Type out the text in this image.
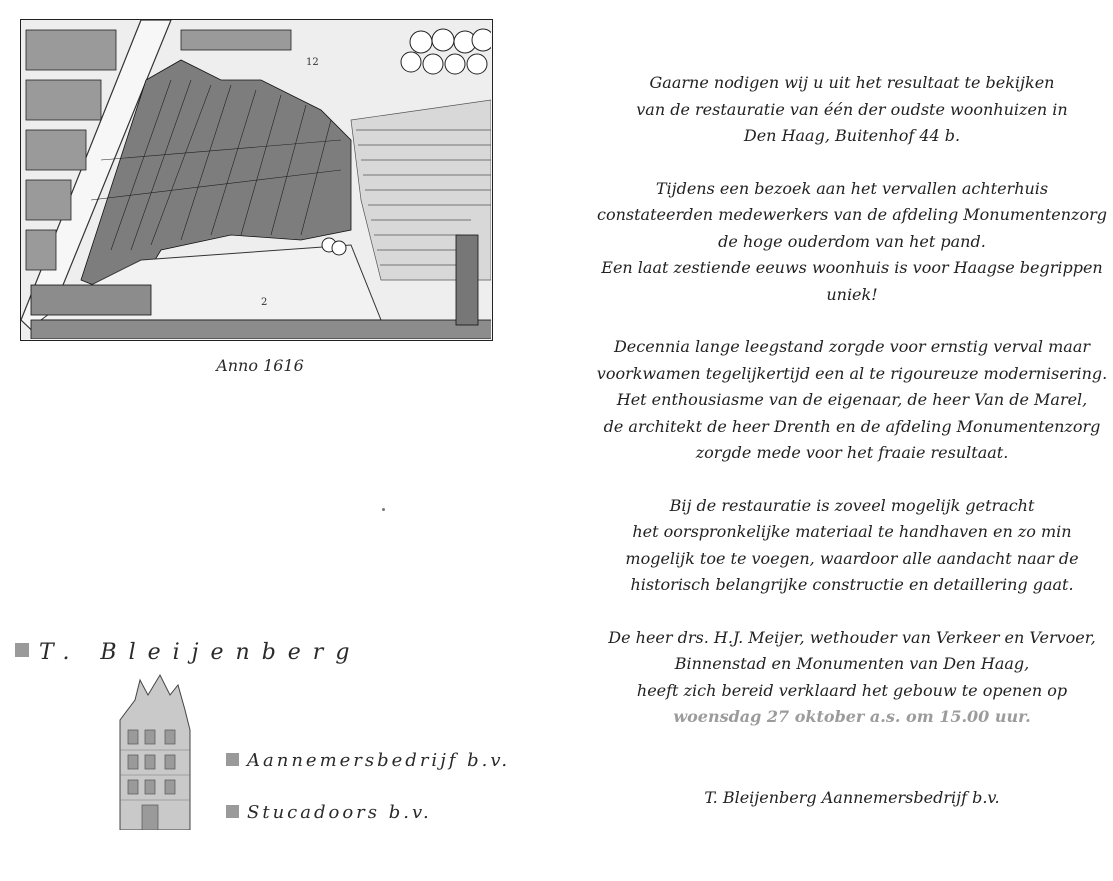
12
2
Anno 1616
T. Bleijenberg
Aannemersbedrijf b.v.
Stucadoors b.v.

Gaarne nodigen wij u uit het resultaat te bekijken
van de restauratie van één der oudste woonhuizen in
Den Haag, Buitenhof 44 b.

Tijdens een bezoek aan het vervallen achterhuis
constateerden medewerkers van de afdeling Monumentenzorg
de hoge ouderdom van het pand.
Een laat zestiende eeuws woonhuis is voor Haagse begrippen
uniek!

Decennia lange leegstand zorgde voor ernstig verval maar
voorkwamen tegelijkertijd een al te rigoureuze modernisering.
Het enthousiasme van de eigenaar, de heer Van de Marel,
de architekt de heer Drenth en de afdeling Monumentenzorg
zorgde mede voor het fraaie resultaat.

Bij de restauratie is zoveel mogelijk getracht
het oorspronkelijke materiaal te handhaven en zo min
mogelijk toe te voegen, waardoor alle aandacht naar de
historisch belangrijke constructie en detaillering gaat.

De heer drs. H.J. Meijer, wethouder van Verkeer en Vervoer,
Binnenstad en Monumenten van Den Haag,
heeft zich bereid verklaard het gebouw te openen op
woensdag 27 oktober a.s. om 15.00 uur.

T. Bleijenberg Aannemersbedrijf b.v.
